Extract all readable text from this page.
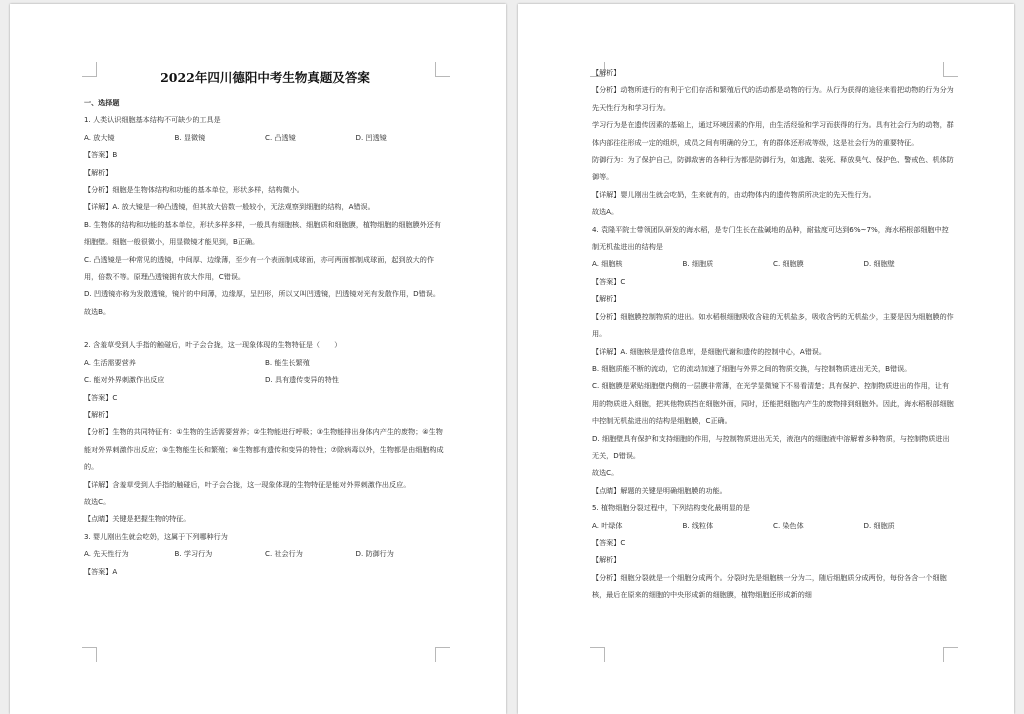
2022年四川德阳中考生物真题及答案
一、选择题
1. 人类认识细胞基本结构不可缺少的工具是
A. 放大镜	B. 显微镜	C. 凸透镜	D. 凹透镜
【答案】B
【解析】
【分析】细胞是生物体结构和功能的基本单位，形状多样，结构微小。
【详解】A. 放大镜是一种凸透镜，但其放大倍数一般较小，无法观察到细胞的结构，A错误。
B. 生物体的结构和功能的基本单位，形状多样多样，一般具有细胞核、细胞质和细胞膜，植物细胞的细胞膜外还有细胞壁。细胞一般很微小，用显微镜才能见到，B正确。
C. 凸透镜是一种常见的透镜，中间厚、边缘薄，至少有一个表面制成球面，亦可两面都制成球面，起到放大的作用，倍数不等。原理凸透镜拥有放大作用，C错误。
D. 凹透镜亦称为发散透镜，镜片的中间薄，边缘厚，呈凹形，所以又叫凹透镜，凹透镜对光有发散作用，D错误。
故选B。
2. 含羞草受到人手指的触碰后，叶子会合拢，这一现象体现的生物特征是（　　）
A. 生活需要营养	B. 能生长繁殖
C. 能对外界刺激作出反应	D. 具有遗传变异的特性
【答案】C
【解析】
【分析】生物的共同特征有：①生物的生活需要营养；②生物能进行呼吸；③生物能排出身体内产生的废物；④生物能对外界刺激作出反应；⑤生物能生长和繁殖；⑥生物都有遗传和变异的特性；⑦除病毒以外，生物都是由细胞构成的。
【详解】含羞草受到人手指的触碰后，叶子会合拢，这一现象体现的生物特征是能对外界刺激作出反应。
故选C。
【点睛】关键是把握生物的特征。
3. 婴儿刚出生就会吃奶，这属于下列哪种行为
A. 先天性行为	B. 学习行为	C. 社会行为	D. 防御行为
【答案】A
【解析】
【分析】动物所进行的有利于它们存活和繁殖后代的活动都是动物的行为。从行为获得的途径来看把动物的行为分为先天性行为和学习行为。
学习行为是在遗传因素的基础上，通过环境因素的作用，由生活经验和学习而获得的行为。具有社会行为的动物，群体内部往往形成一定的组织，成员之间有明确的分工，有的群体还形成等级，这是社会行为的重要特征。
防御行为：为了保护自己，防御敌害的各种行为都是防御行为，如逃跑、装死、释放臭气、保护色、警戒色、机体防御等。
【详解】婴儿刚出生就会吃奶，生来就有的，由动物体内的遗传物质所决定的先天性行为。
故选A。
4. 袁隆平院士带领团队研发的海水稻，是专门生长在盐碱地的品种，耐盐度可达到6%~7%，海水稻根部细胞中控制无机盐进出的结构是
A. 细胞核	B. 细胞质	C. 细胞膜	D. 细胞壁
【答案】C
【解析】
【分析】细胞膜控制物质的进出。如水稻根细胞吸收含硅的无机盐多，吸收含钙的无机盐少，主要是因为细胞膜的作用。
【详解】A. 细胞核是遗传信息库，是细胞代谢和遗传的控制中心，A错误。
B. 细胞质能不断的流动，它的流动加速了细胞与外界之间的物质交换，与控制物质进出无关，B错误。
C. 细胞膜是紧贴细胞壁内侧的一层膜非常薄，在光学显微镜下不易看清楚；具有保护、控制物质进出的作用，让有用的物质进入细胞，把其他物质挡在细胞外面，同时，还能把细胞内产生的废物排到细胞外。因此，海水稻根部细胞中控制无机盐进出的结构是细胞膜，C正确。
D. 细胞壁具有保护和支持细胞的作用，与控制物质进出无关，液泡内的细胞液中溶解着多种物质，与控制物质进出无关，D错误。
故选C。
【点睛】解题的关键是明确细胞膜的功能。
5. 植物细胞分裂过程中，下列结构变化最明显的是
A. 叶绿体	B. 线粒体	C. 染色体	D. 细胞质
【答案】C
【解析】
【分析】细胞分裂就是一个细胞分成两个。分裂时先是细胞核一分为二，随后细胞质分成两份，每份各含一个细胞核，最后在原来的细胞的中央形成新的细胞膜，植物细胞还形成新的细
